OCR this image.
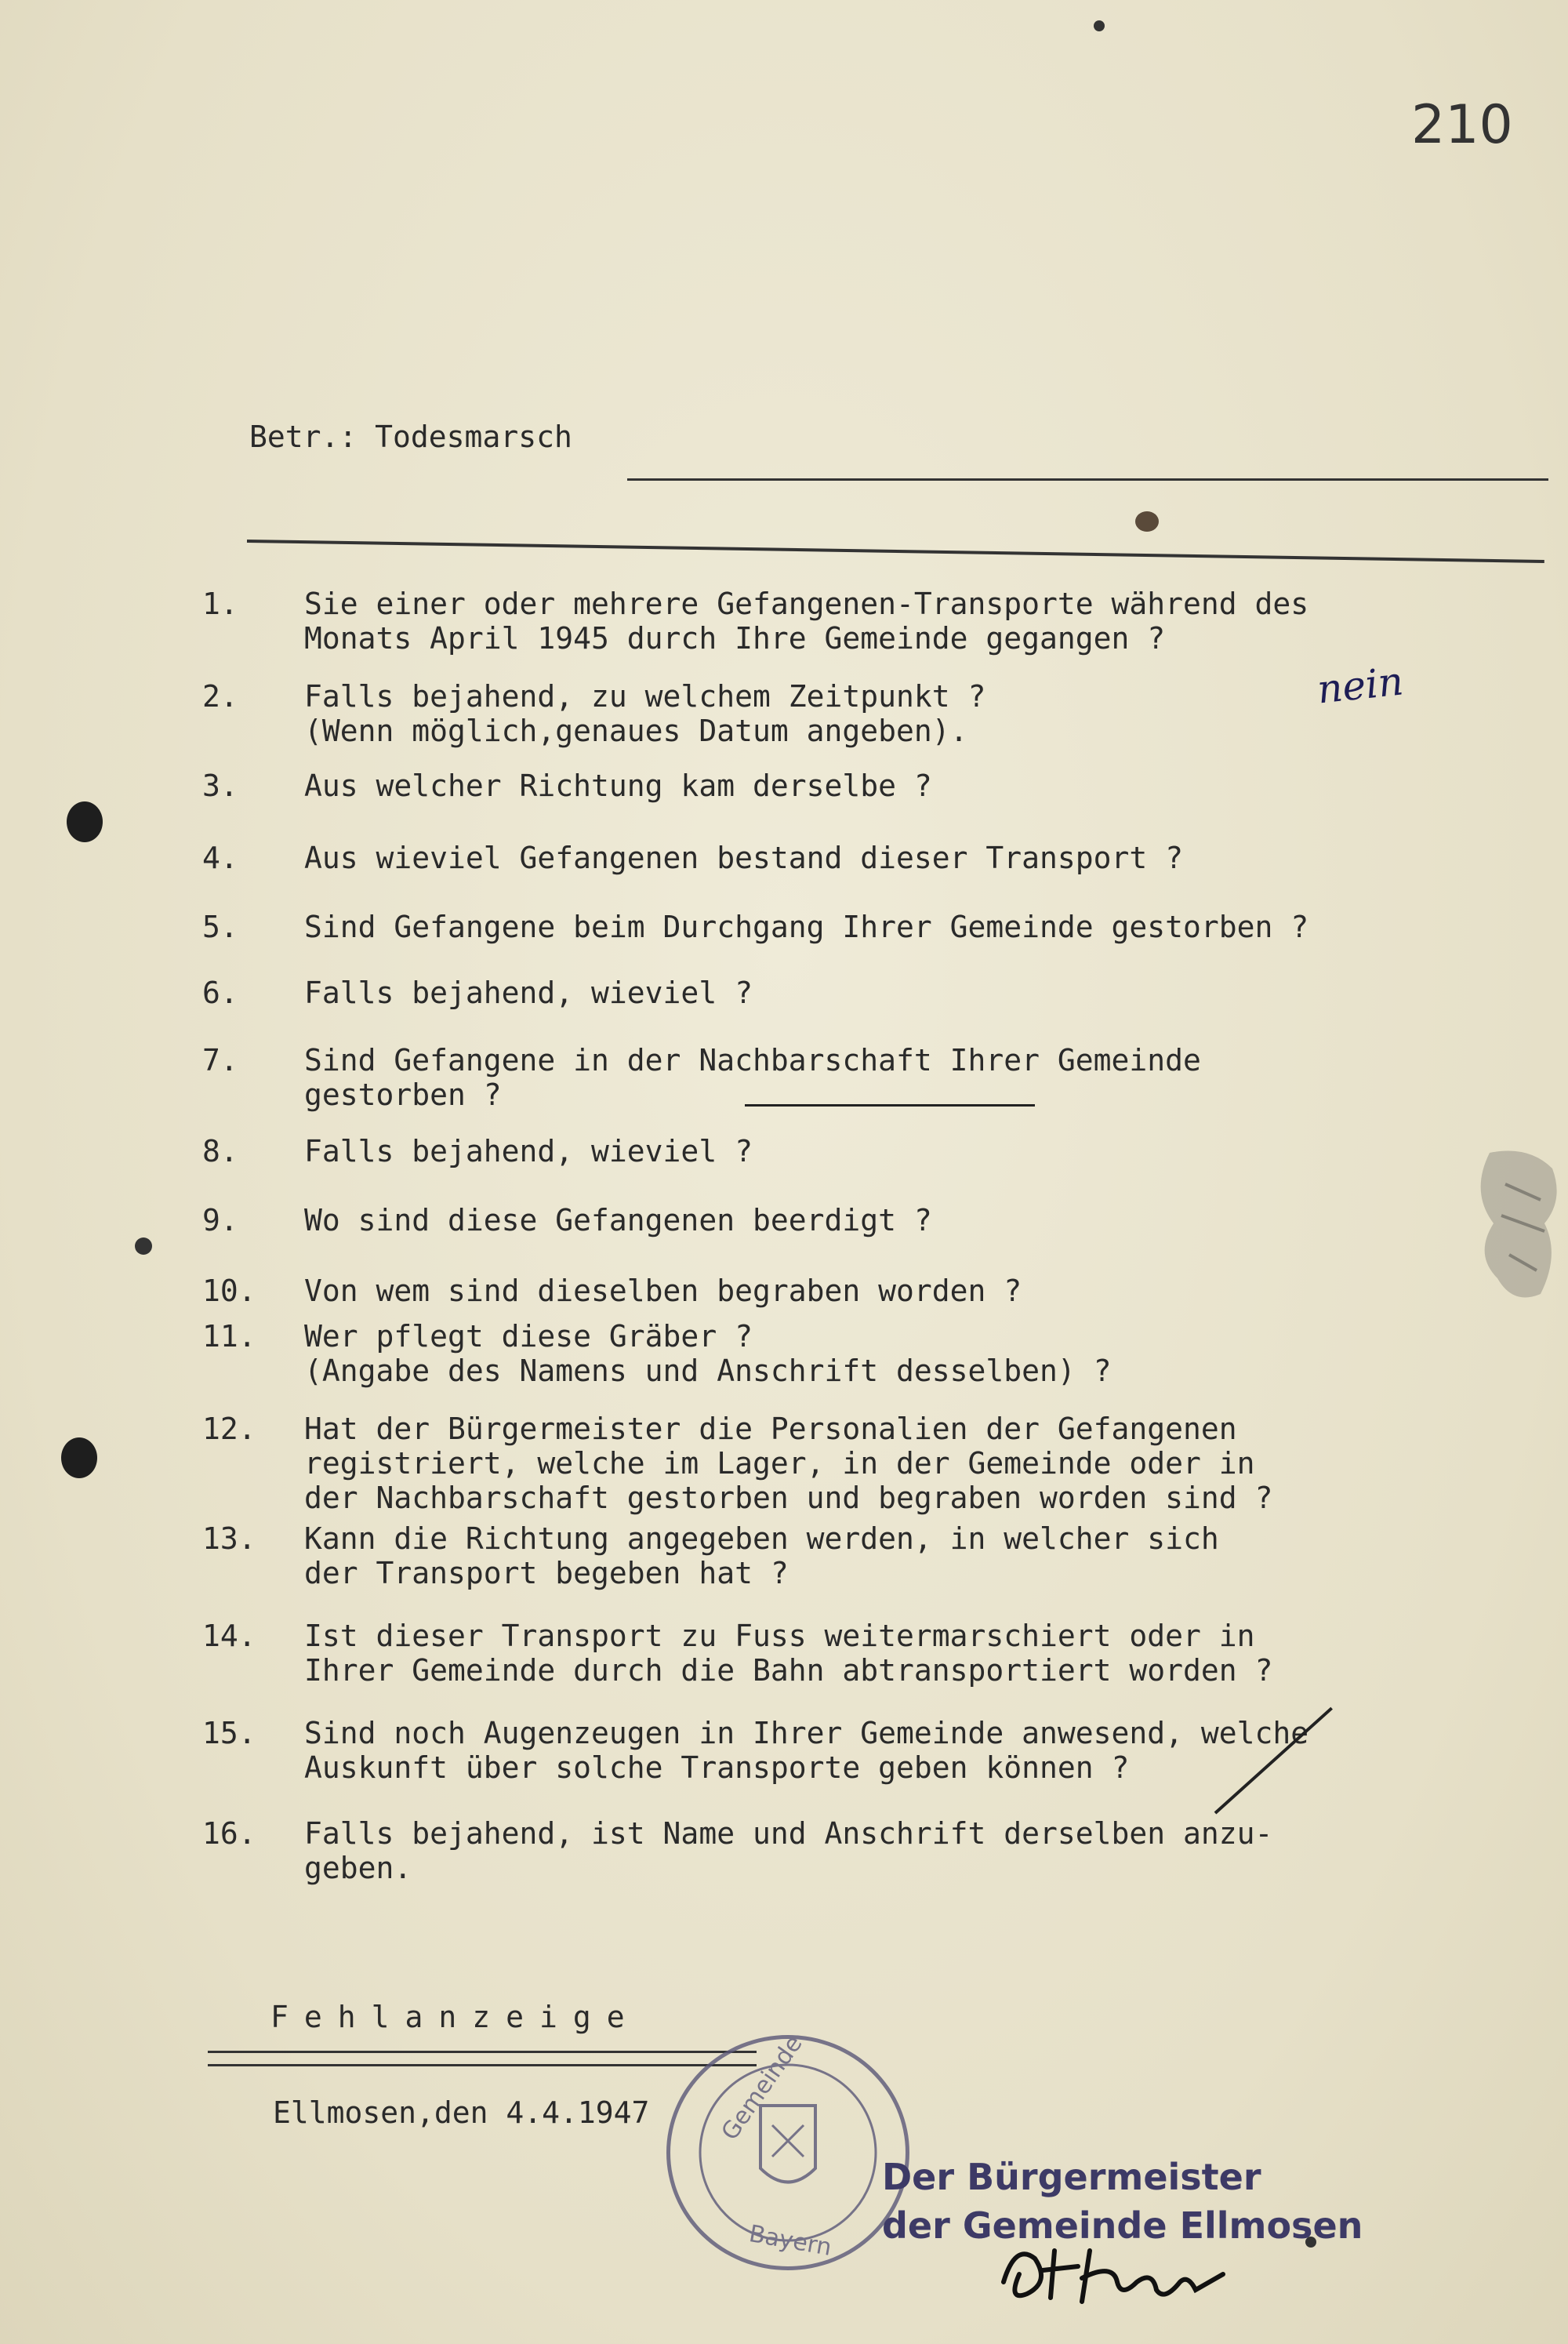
210
Betr.: Todesmarsch
1.	Sie einer oder mehrere Gefangenen-Transporte während des
Monats April 1945 durch Ihre Gemeinde gegangen ?
2.	Falls bejahend, zu welchem Zeitpunkt ?
(Wenn möglich,genaues Datum angeben).
3.	Aus welcher Richtung kam derselbe ?
4.	Aus wieviel Gefangenen bestand dieser Transport ?
5.	Sind Gefangene beim Durchgang Ihrer Gemeinde gestorben ?
6.	Falls bejahend, wieviel ?
7.	Sind Gefangene in der Nachbarschaft Ihrer Gemeinde
gestorben ?
8.	Falls bejahend, wieviel ?
9.	Wo sind diese Gefangenen beerdigt ?
10.	Von wem sind dieselben begraben worden ?
11.	Wer pflegt diese Gräber ?
(Angabe des Namens und Anschrift desselben) ?
12.	Hat der Bürgermeister die Personalien der Gefangenen
registriert, welche im Lager, in der Gemeinde oder in
der Nachbarschaft gestorben und begraben worden sind ?
13.	Kann die Richtung angegeben werden, in welcher sich
der Transport begeben hat ?
14.	Ist dieser Transport zu Fuss weitermarschiert oder in
Ihrer Gemeinde durch die Bahn abtransportiert worden ?
15.	Sind noch Augenzeugen in Ihrer Gemeinde anwesend, welche
Auskunft über solche Transporte geben können ?
16.	Falls bejahend, ist Name und Anschrift derselben anzu-
geben.
nein
Fehlanzeige
Ellmosen,den 4.4.1947	Gemeinde
Bayern
Der Bürgermeister
der Gemeinde Ellmosen
